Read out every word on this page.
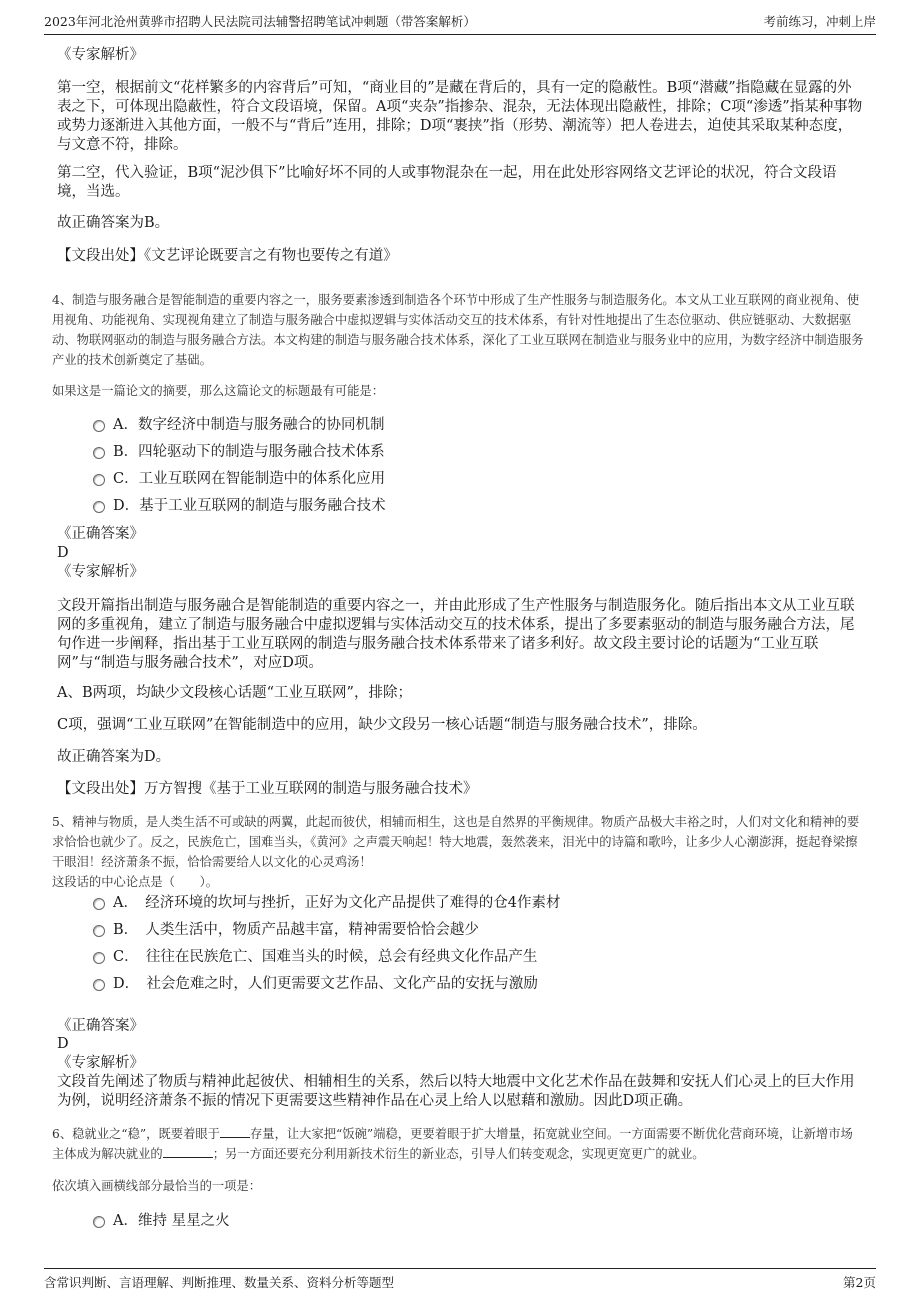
2023年河北沧州黄骅市招聘人民法院司法辅警招聘笔试冲刺题（带答案解析）	考前练习，冲刺上岸

《专家解析》

第一空，根据前文“花样繁多的内容背后”可知，“商业目的”是藏在背后的，具有一定的隐蔽性。B项“潜藏”指隐藏在显露的外表之下，可体现出隐蔽性，符合文段语境，保留。A项“夹杂”指掺杂、混杂，无法体现出隐蔽性，排除；C项“渗透”指某种事物或势力逐渐进入其他方面，一般不与“背后”连用，排除；D项“裹挟”指（形势、潮流等）把人卷进去，迫使其采取某种态度，与文意不符，排除。

第二空，代入验证，B项“泥沙俱下”比喻好坏不同的人或事物混杂在一起，用在此处形容网络文艺评论的状况，符合文段语境，当选。

故正确答案为B。

【文段出处】《文艺评论既要言之有物也要传之有道》

4、制造与服务融合是智能制造的重要内容之一，服务要素渗透到制造各个环节中形成了生产性服务与制造服务化。本文从工业互联网的商业视角、使用视角、功能视角、实现视角建立了制造与服务融合中虚拟逻辑与实体活动交互的技术体系，有针对性地提出了生态位驱动、供应链驱动、大数据驱动、物联网驱动的制造与服务融合方法。本文构建的制造与服务融合技术体系，深化了工业互联网在制造业与服务业中的应用，为数字经济中制造服务产业的技术创新奠定了基础。

如果这是一篇论文的摘要，那么这篇论文的标题最有可能是：

A．数字经济中制造与服务融合的协同机制
B．四轮驱动下的制造与服务融合技术体系
C．工业互联网在智能制造中的体系化应用
D．基于工业互联网的制造与服务融合技术

《正确答案》

D

《专家解析》

文段开篇指出制造与服务融合是智能制造的重要内容之一，并由此形成了生产性服务与制造服务化。随后指出本文从工业互联网的多重视角，建立了制造与服务融合中虚拟逻辑与实体活动交互的技术体系，提出了多要素驱动的制造与服务融合方法，尾句作进一步阐释，指出基于工业互联网的制造与服务融合技术体系带来了诸多利好。故文段主要讨论的话题为“工业互联网”与“制造与服务融合技术”，对应D项。

A、B两项，均缺少文段核心话题“工业互联网”，排除；

C项，强调“工业互联网”在智能制造中的应用，缺少文段另一核心话题“制造与服务融合技术”，排除。

故正确答案为D。

【文段出处】万方智搜《基于工业互联网的制造与服务融合技术》

5、精神与物质，是人类生活不可或缺的两翼，此起而彼伏，相辅而相生，这也是自然界的平衡规律。物质产品极大丰裕之时，人们对文化和精神的要求恰恰也就少了。反之，民族危亡，国难当头，《黄河》之声震天响起！特大地震，轰然袭来，泪光中的诗篇和歌吟，让多少人心潮澎湃，挺起脊梁擦干眼泪！经济萧条不振，恰恰需要给人以文化的心灵鸡汤！

这段话的中心论点是（　　）。

A．　经济环境的坎坷与挫折，正好为文化产品提供了难得的仓4作素材
B．　人类生活中，物质产品越丰富，精神需要恰恰会越少
C．　往往在民族危亡、国难当头的时候，总会有经典文化作品产生
D．　社会危难之时，人们更需要文艺作品、文化产品的安抚与激励

《正确答案》

D

《专家解析》

文段首先阐述了物质与精神此起彼伏、相辅相生的关系，然后以特大地震中文化艺术作品在鼓舞和安抚人们心灵上的巨大作用为例，说明经济萧条不振的情况下更需要这些精神作品在心灵上给人以慰藉和激励。因此D项正确。

6、稳就业之“稳”，既要着眼于 存量，让大家把“饭碗”端稳，更要着眼于扩大增量，拓宽就业空间。一方面需要不断优化营商环境，让新增市场主体成为解决就业的	；另一方面还要充分利用新技术衍生的新业态，引导人们转变观念，实现更宽更广的就业。

依次填入画横线部分最恰当的一项是：

A．维持 星星之火
含常识判断、言语理解、判断推理、数量关系、资料分析等题型	第2页
